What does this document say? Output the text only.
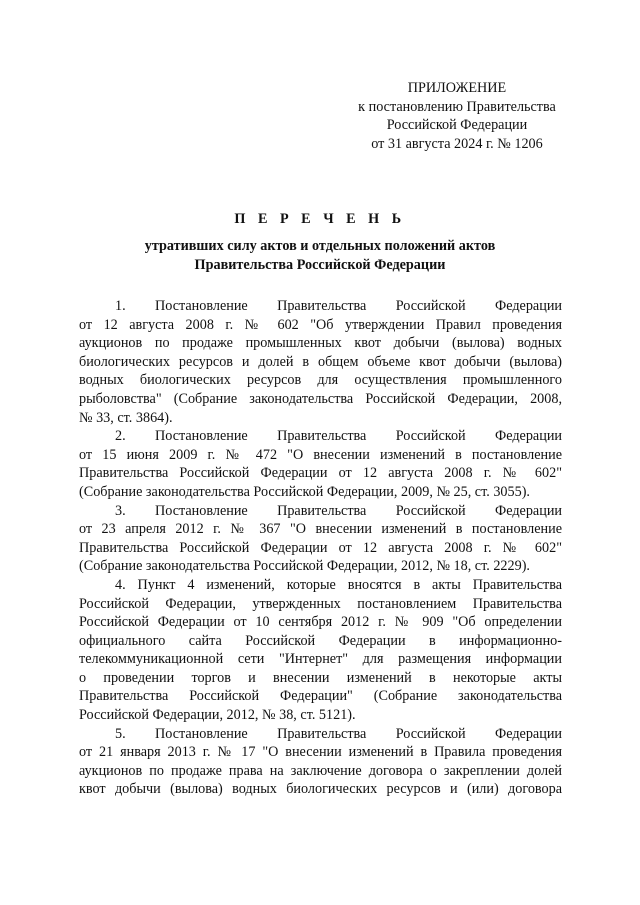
ПРИЛОЖЕНИЕ
к постановлению Правительства
Российской Федерации
от 31 августа 2024 г. № 1206
П Е Р Е Ч Е Н Ь
утративших силу актов и отдельных положений актов
Правительства Российской Федерации
1. Постановление Правительства Российской Федерации
от 12 августа 2008 г. № 602 "Об утверждении Правил проведения
аукционов по продаже промышленных квот добычи (вылова) водных
биологических ресурсов и долей в общем объеме квот добычи (вылова)
водных биологических ресурсов для осуществления промышленного
рыболовства" (Собрание законодательства Российской Федерации, 2008,
№ 33, ст. 3864).
2. Постановление Правительства Российской Федерации
от 15 июня 2009 г. № 472 "О внесении изменений в постановление
Правительства Российской Федерации от 12 августа 2008 г. № 602"
(Собрание законодательства Российской Федерации, 2009, № 25, ст. 3055).
3. Постановление Правительства Российской Федерации
от 23 апреля 2012 г. № 367 "О внесении изменений в постановление
Правительства Российской Федерации от 12 августа 2008 г. № 602"
(Собрание законодательства Российской Федерации, 2012, № 18, ст. 2229).
4. Пункт 4 изменений, которые вносятся в акты Правительства
Российской Федерации, утвержденных постановлением Правительства
Российской Федерации от 10 сентября 2012 г. № 909 "Об определении
официального сайта Российской Федерации в информационно-
телекоммуникационной сети "Интернет" для размещения информации
о проведении торгов и внесении изменений в некоторые акты
Правительства Российской Федерации" (Собрание законодательства
Российской Федерации, 2012, № 38, ст. 5121).
5. Постановление Правительства Российской Федерации
от 21 января 2013 г. № 17 "О внесении изменений в Правила проведения
аукционов по продаже права на заключение договора о закреплении долей
квот добычи (вылова) водных биологических ресурсов и (или) договора
